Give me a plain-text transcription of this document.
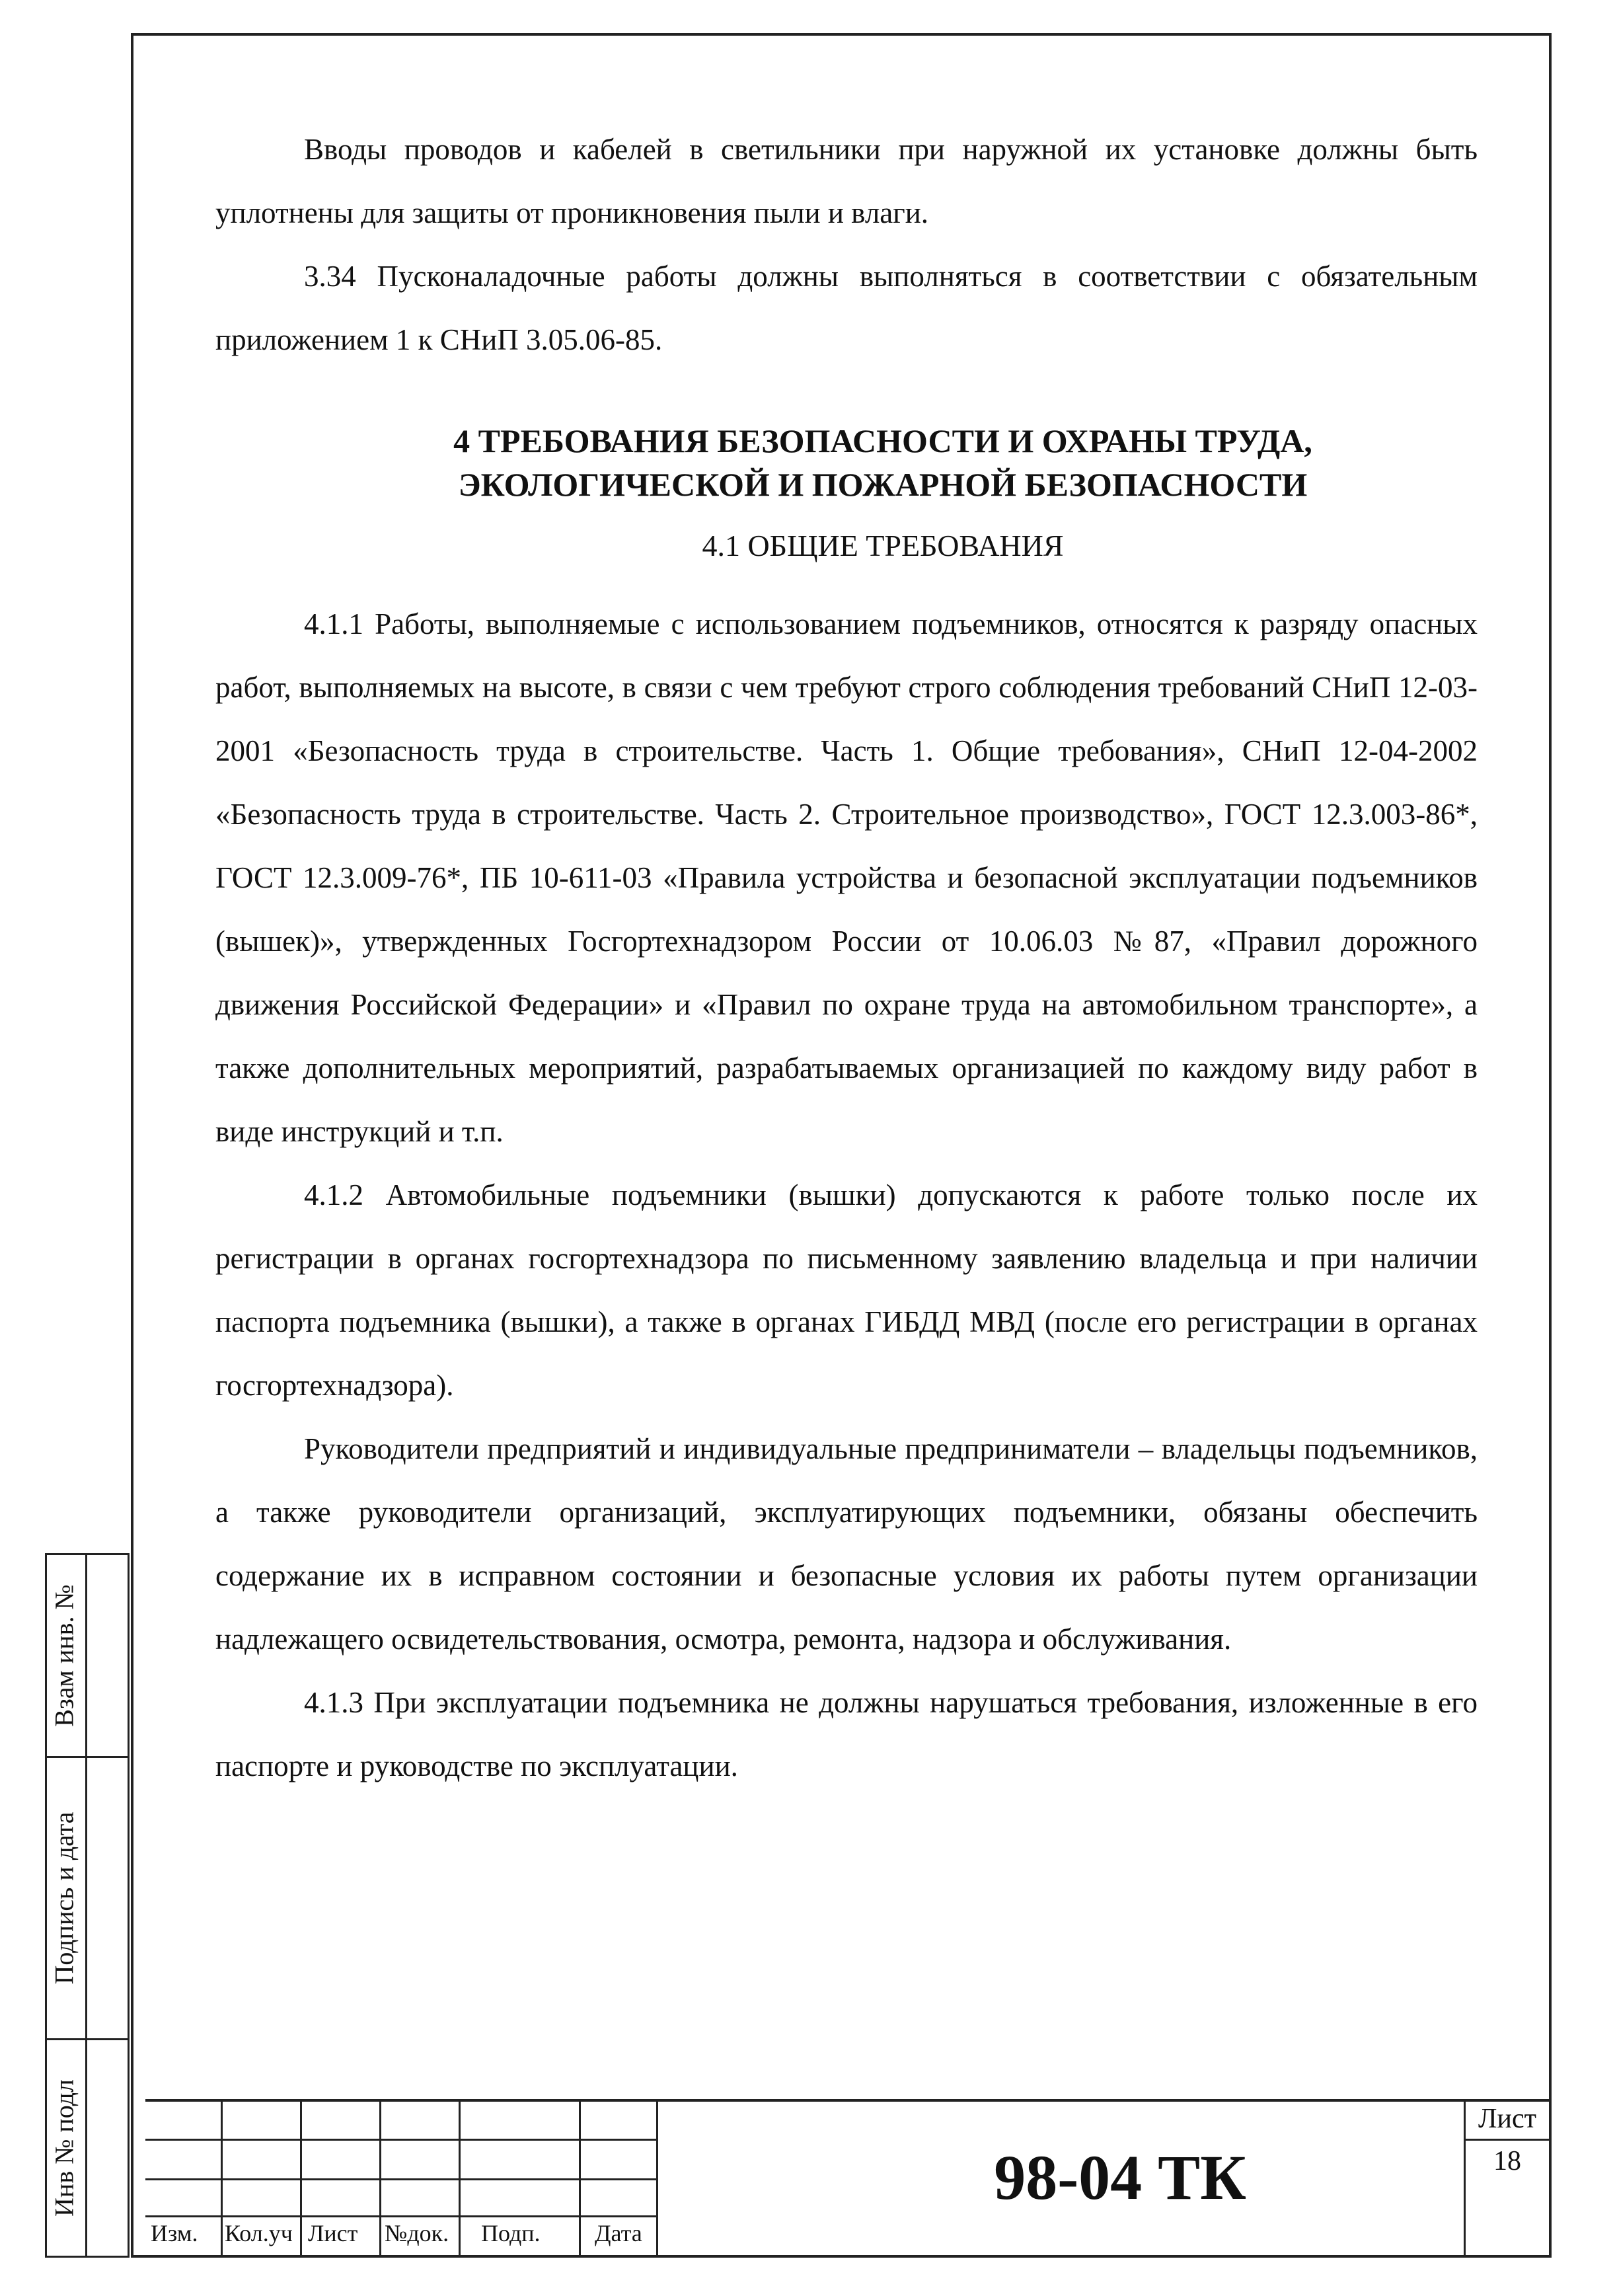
Вводы проводов и кабелей в светильники при наружной их установке должны быть уплотнены для защиты от проникновения пыли и влаги.

3.34 Пусконаладочные работы должны выполняться в соответствии с обязательным приложением 1 к СНиП 3.05.06-85.

4 ТРЕБОВАНИЯ БЕЗОПАСНОСТИ И ОХРАНЫ ТРУДА,

ЭКОЛОГИЧЕСКОЙ И ПОЖАРНОЙ БЕЗОПАСНОСТИ

4.1 ОБЩИЕ ТРЕБОВАНИЯ

4.1.1 Работы, выполняемые с использованием подъемников, относятся к разряду опасных работ, выполняемых на высоте, в связи с чем требуют строго соблюдения требований СНиП 12-03-2001 «Безопасность труда в строительстве. Часть 1. Общие требования», СНиП 12-04-2002 «Безопасность труда в строительстве. Часть 2. Строительное производство», ГОСТ 12.3.003-86*, ГОСТ 12.3.009-76*, ПБ 10-611-03 «Правила устройства и безопасной эксплуатации подъемников (вышек)», утвержденных Госгортехнадзором России от 10.06.03 №87, «Правил дорожного движения Российской Федерации» и «Правил по охране труда на автомобильном транспорте», а также дополнительных мероприятий, разрабатываемых организацией по каждому виду работ в виде инструкций и т.п.

4.1.2 Автомобильные подъемники (вышки) допускаются к работе только после их регистрации в органах госгортехнадзора по письменному заявлению владельца и при наличии паспорта подъемника (вышки), а также в органах ГИБДД МВД (после его регистрации в органах госгортехнадзора).

Руководители предприятий и индивидуальные предприниматели – владельцы подъемников, а также руководители организаций, эксплуатирующих подъемники, обязаны обеспечить содержание их в исправном состоянии и безопасные условия их работы путем организации надлежащего освидетельствования, осмотра, ремонта, надзора и обслуживания.

4.1.3 При эксплуатации подъемника не должны нарушаться требования, изложенные в его паспорте и руководстве по эксплуатации.

Взам инв. №
Подпись и дата
Инв № подл
Изм. Кол.уч Лист №док. Подп. Дата
98-04 ТК
Лист
18
